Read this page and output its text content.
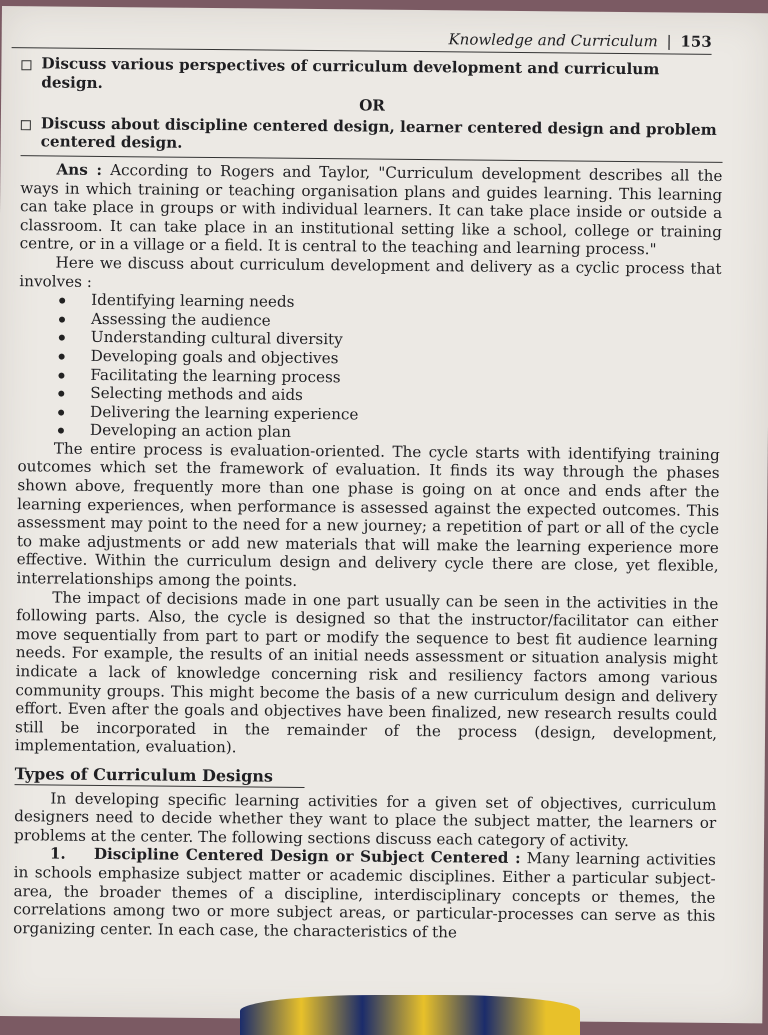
Knowledge and Curriculum | 153
Discuss various perspectives of curriculum development and curriculum design.
OR
Discuss about discipline centered design, learner centered design and problem centered design.

Ans : According to Rogers and Taylor, "Curriculum development describes all the ways in which training or teaching organisation plans and guides learning. This learning can take place in groups or with individual learners. It can take place inside or outside a classroom. It can take place in an institutional setting like a school, college or training centre, or in a village or a field. It is central to the teaching and learning process."

Here we discuss about curriculum development and delivery as a cyclic process that involves :

Identifying learning needs
Assessing the audience
Understanding cultural diversity
Developing goals and objectives
Facilitating the learning process
Selecting methods and aids
Delivering the learning experience
Developing an action plan

The entire process is evaluation-oriented. The cycle starts with identifying training outcomes which set the framework of evaluation. It finds its way through the phases shown above, frequently more than one phase is going on at once and ends after the learning experiences, when performance is assessed against the expected outcomes. This assessment may point to the need for a new journey; a repetition of part or all of the cycle to make adjustments or add new materials that will make the learning experience more effective. Within the curriculum design and delivery cycle there are close, yet flexible, interrelationships among the points.

The impact of decisions made in one part usually can be seen in the activities in the following parts. Also, the cycle is designed so that the instructor/facilitator can either move sequentially from part to part or modify the sequence to best fit audience learning needs. For example, the results of an initial needs assessment or situation analysis might indicate a lack of knowledge concerning risk and resiliency factors among various community groups. This might become the basis of a new curriculum design and delivery effort. Even after the goals and objectives have been finalized, new research results could still be incorporated in the remainder of the process (design, development, implementation, evaluation).

Types of Curriculum Designs

In developing specific learning activities for a given set of objectives, curriculum designers need to decide whether they want to place the subject matter, the learners or problems at the center. The following sections discuss each category of activity.

1. Discipline Centered Design or Subject Centered : Many learning activities in schools emphasize subject matter or academic disciplines. Either a particular subject-area, the broader themes of a discipline, interdisciplinary concepts or themes, the correlations among two or more subject areas, or particular-processes can serve as this organizing center. In each case, the characteristics of the
